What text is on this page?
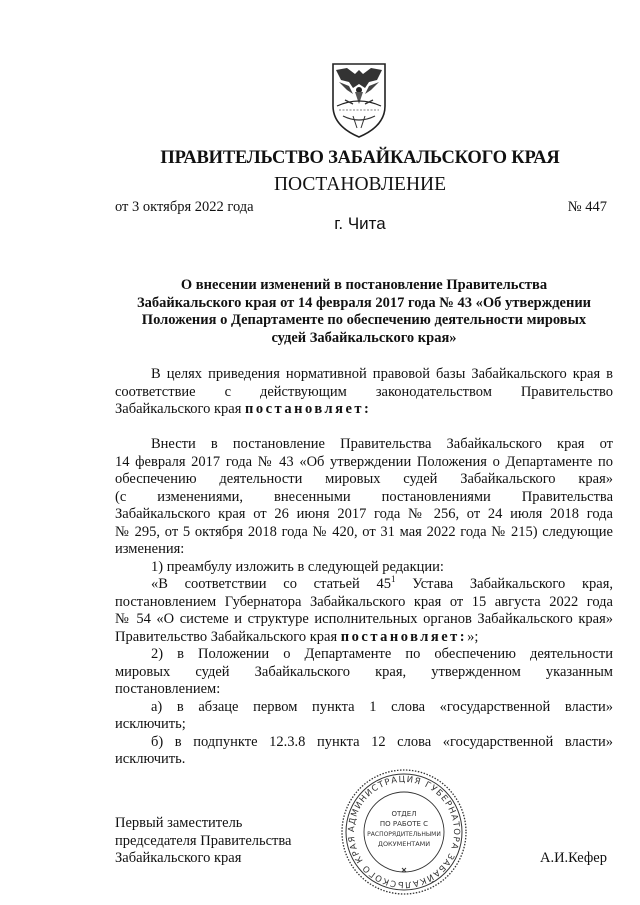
ПРАВИТЕЛЬСТВО ЗАБАЙКАЛЬСКОГО КРАЯ
ПОСТАНОВЛЕНИЕ
от 3 октября 2022 года	№ 447
г. Чита
О внесении изменений в постановление Правительства
Забайкальского края от 14 февраля 2017 года № 43 «Об утверждении
Положения о Департаменте по обеспечению деятельности мировых
судей Забайкальского края»
В целях приведения нормативной правовой базы Забайкальского края в
соответствие с действующим законодательством Правительство
Забайкальского края постановляет:
Внести в постановление Правительства Забайкальского края от
14 февраля 2017 года № 43 «Об утверждении Положения о Департаменте по
обеспечению деятельности мировых судей Забайкальского края»
(с изменениями, внесенными постановлениями Правительства
Забайкальского края от 26 июня 2017 года № 256, от 24 июля 2018 года
№ 295, от 5 октября 2018 года № 420, от 31 мая 2022 года № 215) следующие
изменения:
1) преамбулу изложить в следующей редакции:
«В соответствии со статьей $45^1$ Устава Забайкальского края,
постановлением Губернатора Забайкальского края от 15 августа 2022 года
№ 54 «О системе и структуре исполнительных органов Забайкальского края»
Правительство Забайкальского края постановляет:»;
2) в Положении о Департаменте по обеспечению деятельности
мировых судей Забайкальского края, утвержденном указанным
постановлением:
а) в абзаце первом пункта 1 слова «государственной власти»
исключить;
б) в подпункте 12.3.8 пункта 12 слова «государственной власти»
исключить.
АДМИНИСТРАЦИЯ ГУБЕРНАТОРА ЗАБАЙКАЛЬСКОГО КРАЯ
ОТДЕЛ
ПО РАБОТЕ С
РАСПОРЯДИТЕЛЬНЫМИ
ДОКУМЕНТАМИ
Первый заместитель
председателя Правительства
Забайкальского края	А.И.Кефер
